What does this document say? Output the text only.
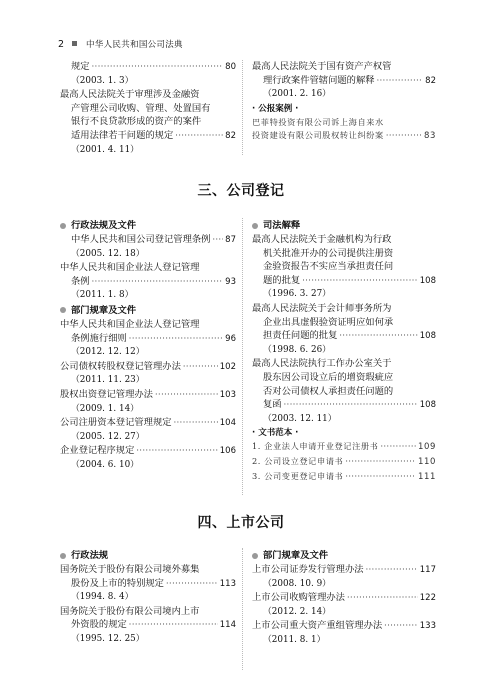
2	中华人民共和国公司法典
规定 ·····	80
（2003. 1. 3）
最高人民法院关于审理涉及金融资
产管理公司收购、管理、处置国有
银行不良贷款形成的资产的案件
适用法律若干问题的规定 ·····	82
（2001. 4. 11）
最高人民法院关于国有资产产权管
理行政案件管辖问题的解释 ·····	82
（2001. 2. 16）
· 公报案例 ·
巴菲特投资有限公司诉上海自来水
投资建设有限公司股权转让纠纷案 ·····	83
三、公司登记
行政法规及文件
中华人民共和国公司登记管理条例 ····· 87
（2005. 12. 18）
中华人民共和国企业法人登记管理
条例 ·····	93
（2011. 1. 8）
部门规章及文件
中华人民共和国企业法人登记管理
条例施行细则 ·····	96
（2012. 12. 12）
公司债权转股权登记管理办法 ·····	102
（2011. 11. 23）
股权出资登记管理办法 ·····	103
（2009. 1. 14）
公司注册资本登记管理规定 ·····	104
（2005. 12. 27）
企业登记程序规定 ·····	106
（2004. 6. 10）
司法解释
最高人民法院关于金融机构为行政
机关批准开办的公司提供注册资
金验资报告不实应当承担责任问
题的批复 ·····	108
（1996. 3. 27）
最高人民法院关于会计师事务所为
企业出具虚假验资证明应如何承
担责任问题的批复 ·····	108
（1998. 6. 26）
最高人民法院执行工作办公室关于
股东因公司设立后的增资瑕疵应
否对公司债权人承担责任问题的
复函 ·····	108
（2003. 12. 11）
· 文书范本 ·
1. 企业法人申请开业登记注册书 ·····	109
2. 公司设立登记申请书 ·····	110
3. 公司变更登记申请书 ·····	111
四、上市公司
行政法规
国务院关于股份有限公司境外募集
股份及上市的特别规定 ·····	113
（1994. 8. 4）
国务院关于股份有限公司境内上市
外资股的规定 ·····	114
（1995. 12. 25）
部门规章及文件
上市公司证券发行管理办法 ·····	117
（2008. 10. 9）
上市公司收购管理办法 ·····	122
（2012. 2. 14）
上市公司重大资产重组管理办法 ·····	133
（2011. 8. 1）
